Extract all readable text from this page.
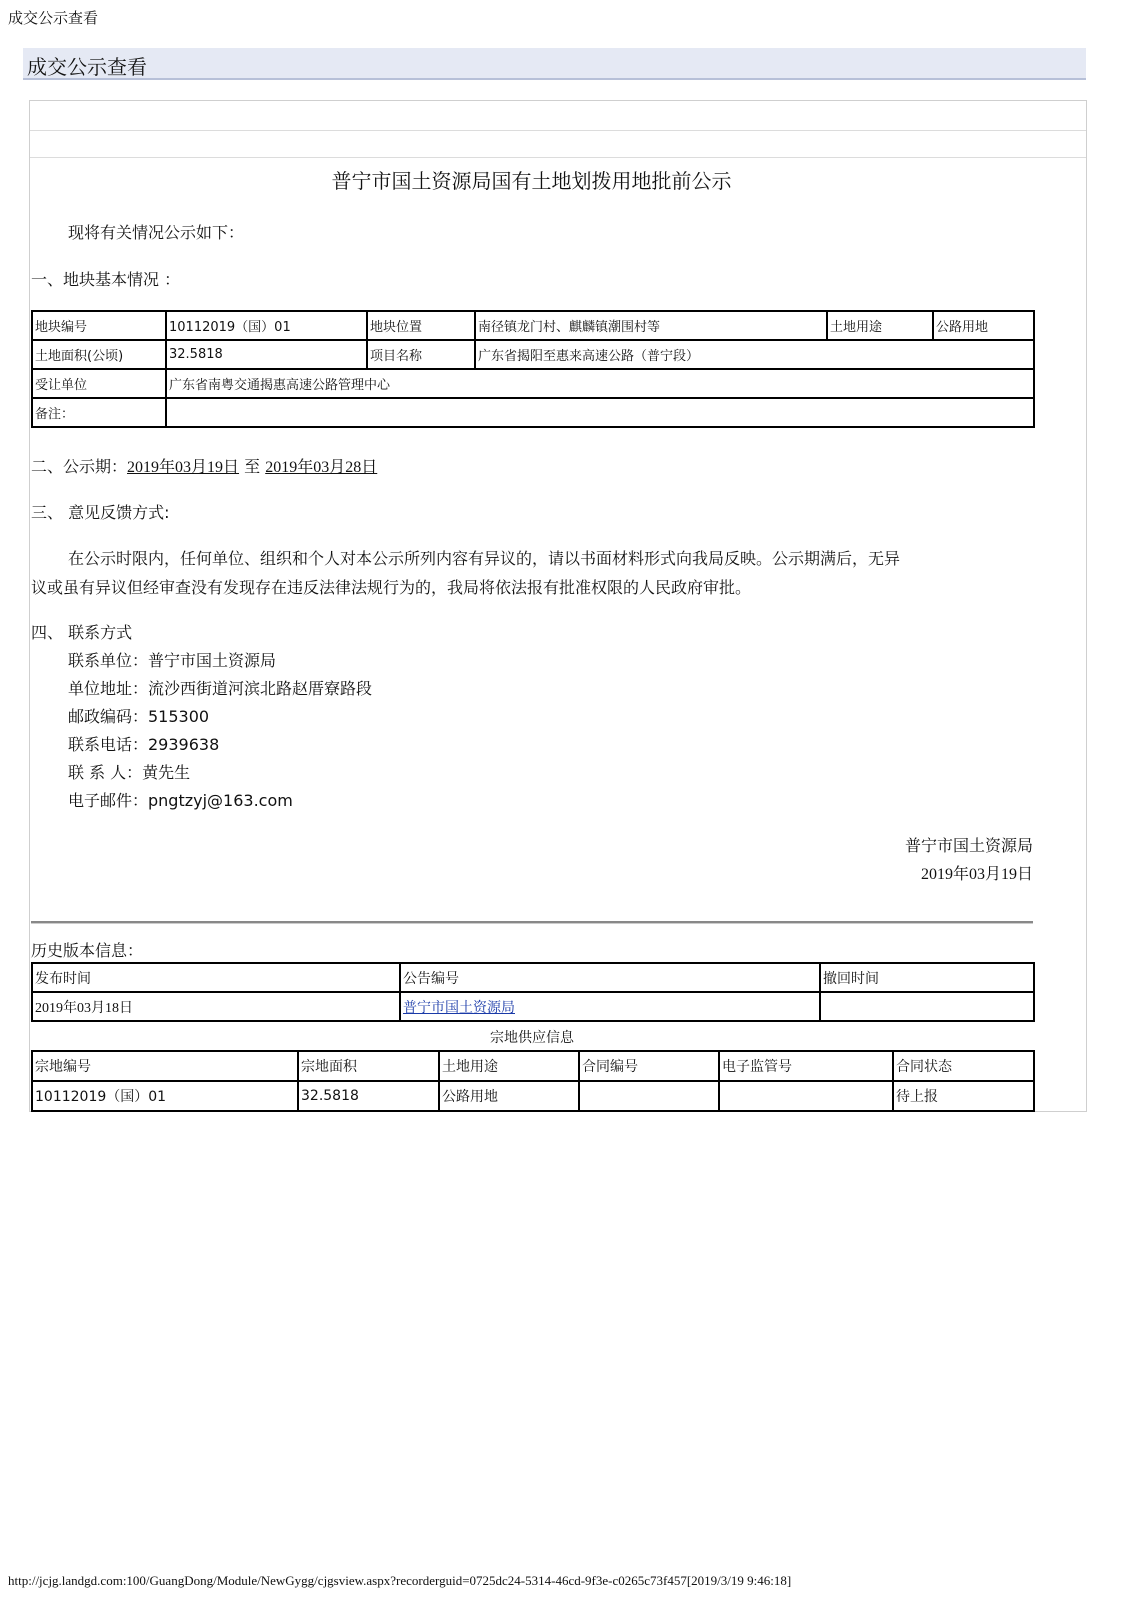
成交公示查看
成交公示查看
普宁市国土资源局国有土地划拨用地批前公示
现将有关情况公示如下：
一、地块基本情况 ：
地块编号	10112019（国）01	地块位置	南径镇龙门村、麒麟镇潮围村等	土地用途	公路用地
土地面积(公顷)	32.5818	项目名称	广东省揭阳至惠来高速公路（普宁段）		
受让单位	广东省南粤交通揭惠高速公路管理中心				
备注：					
二、公示期：2019年03月19日 至 2019年03月28日
三、 意见反馈方式:
在公示时限内，任何单位、组织和个人对本公示所列内容有异议的，请以书面材料形式向我局反映。公示期满后，无异
议或虽有异议但经审查没有发现存在违反法律法规行为的，我局将依法报有批准权限的人民政府审批。
四、 联系方式
联系单位：普宁市国土资源局
单位地址：流沙西街道河滨北路赵厝寮路段
邮政编码：515300
联系电话：2939638
联 系 人：黄先生
电子邮件：pngtzyj@163.com
普宁市国土资源局
2019年03月19日
历史版本信息：
发布时间	公告编号	撤回时间
2019年03月18日	普宁市国土资源局	
宗地供应信息
宗地编号	宗地面积	土地用途	合同编号	电子监管号	合同状态
10112019（国）01	32.5818	公路用地			待上报
http://jcjg.landgd.com:100/GuangDong/Module/NewGygg/cjgsview.aspx?recorderguid=0725dc24-5314-46cd-9f3e-c0265c73f457[2019/3/19 9:46:18]
